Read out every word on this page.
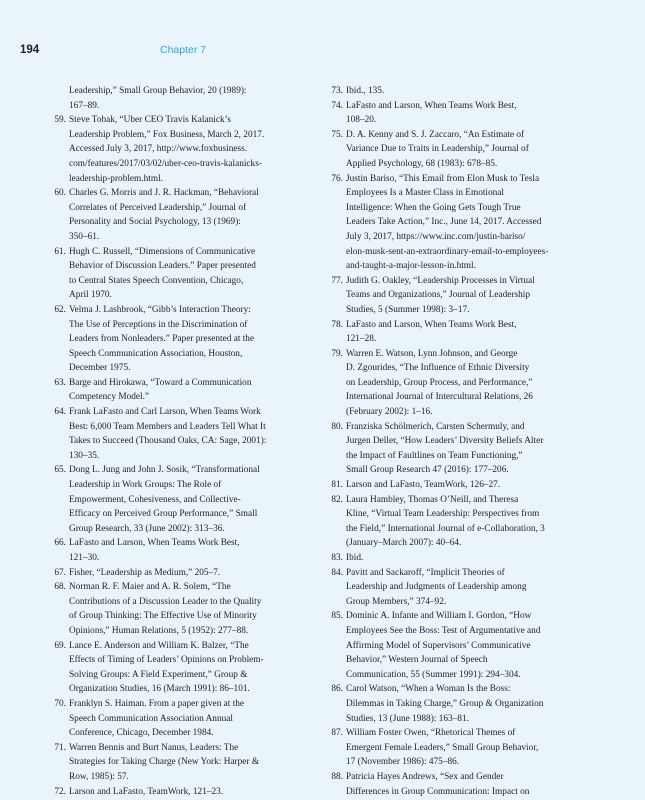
194	Chapter 7
Leadership,” Small Group Behavior, 20 (1989):
167–89.
59. Steve Tobak, “Uber CEO Travis Kalanick’s
Leadership Problem,” Fox Business, March 2, 2017.
Accessed July 3, 2017, http://www.foxbusiness.
com/features/2017/03/02/uber-ceo-travis-kalanicks-
leadership-problem.html.
60. Charles G. Morris and J. R. Hackman, “Behavioral
Correlates of Perceived Leadership,” Journal of
Personality and Social Psychology, 13 (1969):
350–61.
61. Hugh C. Russell, “Dimensions of Communicative
Behavior of Discussion Leaders.” Paper presented
to Central States Speech Convention, Chicago,
April 1970.
62. Velma J. Lashbrook, “Gibb’s Interaction Theory:
The Use of Perceptions in the Discrimination of
Leaders from Nonleaders.” Paper presented at the
Speech Communication Association, Houston,
December 1975.
63. Barge and Hirokawa, “Toward a Communication
Competency Model.”
64. Frank LaFasto and Carl Larson, When Teams Work
Best: 6,000 Team Members and Leaders Tell What It
Takes to Succeed (Thousand Oaks, CA: Sage, 2001):
130–35.
65. Dong L. Jung and John J. Sosik, “Transformational
Leadership in Work Groups: The Role of
Empowerment, Cohesiveness, and Collective-
Efficacy on Perceived Group Performance,” Small
Group Research, 33 (June 2002): 313–36.
66. LaFasto and Larson, When Teams Work Best,
121–30.
67. Fisher, “Leadership as Medium,” 205–7.
68. Norman R. F. Maier and A. R. Solem, “The
Contributions of a Discussion Leader to the Quality
of Group Thinking: The Effective Use of Minority
Opinions,” Human Relations, 5 (1952): 277–88.
69. Lance E. Anderson and William K. Balzer, “The
Effects of Timing of Leaders’ Opinions on Problem-
Solving Groups: A Field Experiment,” Group &
Organization Studies, 16 (March 1991): 86–101.
70. Franklyn S. Haiman. From a paper given at the
Speech Communication Association Annual
Conference, Chicago, December 1984.
71. Warren Bennis and Burt Nanus, Leaders: The
Strategies for Taking Charge (New York: Harper &
Row, 1985): 57.
72. Larson and LaFasto, TeamWork, 121–23.
73. Ibid., 135.
74. LaFasto and Larson, When Teams Work Best,
108–20.
75. D. A. Kenny and S. J. Zaccaro, “An Estimate of
Variance Due to Traits in Leadership,” Journal of
Applied Psychology, 68 (1983): 678–85.
76. Justin Bariso, “This Email from Elon Musk to Tesla
Employees Is a Master Class in Emotional
Intelligence: When the Going Gets Tough True
Leaders Take Action,” Inc., June 14, 2017. Accessed
July 3, 2017, https://www.inc.com/justin-bariso/
elon-musk-sent-an-extraordinary-email-to-employees-
and-taught-a-major-lesson-in.html.
77. Judith G. Oakley, “Leadership Processes in Virtual
Teams and Organizations,” Journal of Leadership
Studies, 5 (Summer 1998): 3–17.
78. LaFasto and Larson, When Teams Work Best,
121–28.
79. Warren E. Watson, Lynn Johnson, and George
D. Zgourides, “The Influence of Ethnic Diversity
on Leadership, Group Process, and Performance,”
International Journal of Intercultural Relations, 26
(February 2002): 1–16.
80. Franziska Schölmerich, Carsten Schermuly, and
Jurgen Deller, “How Leaders’ Diversity Beliefs Alter
the Impact of Faultlines on Team Functioning,”
Small Group Research 47 (2016): 177–206.
81. Larson and LaFasto, TeamWork, 126–27.
82. Laura Hambley, Thomas O’Neill, and Theresa
Kline, “Virtual Team Leadership: Perspectives from
the Field,” International Journal of e-Collaboration, 3
(January–March 2007): 40–64.
83. Ibid.
84. Pavitt and Sackaroff, “Implicit Theories of
Leadership and Judgments of Leadership among
Group Members,” 374–92.
85. Dominic A. Infante and William I. Gordon, “How
Employees See the Boss: Test of Argumentative and
Affirming Model of Supervisors’ Communicative
Behavior,” Western Journal of Speech
Communication, 55 (Summer 1991): 294–304.
86. Carol Watson, “When a Woman Is the Boss:
Dilemmas in Taking Charge,” Group & Organization
Studies, 13 (June 1988): 163–81.
87. William Foster Owen, “Rhetorical Themes of
Emergent Female Leaders,” Small Group Behavior,
17 (November 1986): 475–86.
88. Patricia Hayes Andrews, “Sex and Gender
Differences in Group Communication: Impact on
